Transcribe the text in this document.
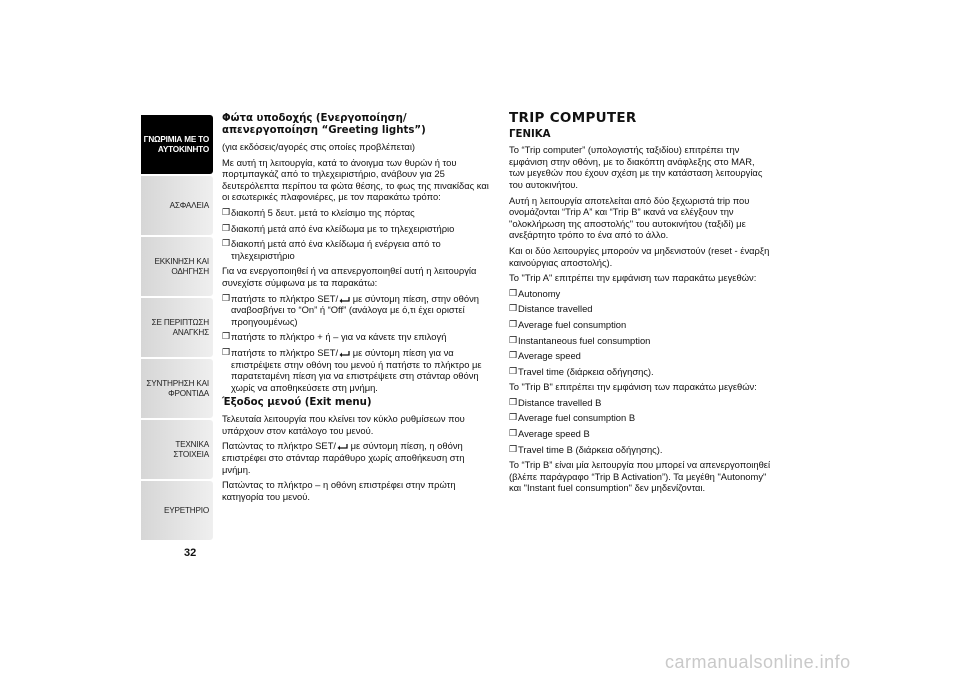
ΓΝΩΡΙΜΙΑ ΜΕ ΤΟ
ΑΥΤΟΚΙΝΗΤΟ
ΑΣΦΑΛΕΙΑ
ΕΚΚΙΝΗΣΗ ΚΑΙ
ΟΔΗΓΗΣΗ
ΣΕ ΠΕΡΙΠΤΩΣΗ
ΑΝΑΓΚΗΣ
ΣΥΝΤΗΡΗΣΗ ΚΑΙ
ΦΡΟΝΤΙΔΑ
ΤΕΧΝΙΚΑ ΣΤΟΙΧΕΙΑ
ΕΥΡΕΤΗΡΙΟ
32

Φώτα υποδοχής (Ενεργοποίηση/ απενεργοποίηση “Greeting lights”)

(για εκδόσεις/αγορές στις οποίες προβλέπεται)

Με αυτή τη λειτουργία, κατά το άνοιγμα των θυρών ή του πορτμπαγκάζ από το τηλεχειριστήριο, ανάβουν για 25 δευτερόλεπτα περίπου τα φώτα θέσης, το φως της πινακίδας και οι εσωτερικές πλαφονιέρες, με τον παρακάτω τρόπο:

❒ διακοπή 5 δευτ. μετά το κλείσιμο της πόρτας
❒ διακοπή μετά από ένα κλείδωμα με το τηλεχειριστήριο
❒ διακοπή μετά από ένα κλείδωμα ή ενέργεια από το τηλεχειριστήριο

Για να ενεργοποιηθεί ή να απενεργοποιηθεί αυτή η λειτουργία συνεχίστε σύμφωνα με τα παρακάτω:

❒ πατήστε το πλήκτρο SET/ με σύντομη πίεση, στην οθόνη αναβοσβήνει το “On” ή “Off” (ανάλογα με ό,τι έχει οριστεί προηγουμένως)
❒ πατήστε το πλήκτρο + ή – για να κάνετε την επιλογή
❒ πατήστε το πλήκτρο SET/ με σύντομη πίεση για να επιστρέψετε στην οθόνη του μενού ή πατήστε το πλήκτρο με παρατεταμένη πίεση για να επιστρέψετε στη στάνταρ οθόνη χωρίς να αποθηκεύσετε στη μνήμη.

Έξοδος μενού (Exit menu)

Τελευταία λειτουργία που κλείνει τον κύκλο ρυθμίσεων που υπάρχουν στον κατάλογο του μενού.

Πατώντας το πλήκτρο SET/ με σύντομη πίεση, η οθόνη επιστρέφει στο στάνταρ παράθυρο χωρίς αποθήκευση στη μνήμη.

Πατώντας το πλήκτρο – η οθόνη επιστρέφει στην πρώτη κατηγορία του μενού.

TRIP COMPUTER

ΓΕΝΙΚΑ

Το “Trip computer” (υπολογιστής ταξιδίου) επιτρέπει την εμφάνιση στην οθόνη, με το διακόπτη ανάφλεξης στο MAR, των μεγεθών που έχουν σχέση με την κατάσταση λειτουργίας του αυτοκινήτου.

Αυτή η λειτουργία αποτελείται από δύο ξεχωριστά trip που ονομάζονται “Trip A” και “Trip B” ικανά να ελέγξουν την "ολοκλήρωση της αποστολής" του αυτοκινήτου (ταξιδί) με ανεξάρτητο τρόπο το ένα από το άλλο.

Και οι δύο λειτουργίες μπορούν να μηδενιστούν (reset - έναρξη καινούργιας αποστολής).

Το "Trip A" επιτρέπει την εμφάνιση των παρακάτω μεγεθών:

❒ Autonomy
❒ Distance travelled
❒ Average fuel consumption
❒ Instantaneous fuel consumption
❒ Average speed
❒ Travel time (διάρκεια οδήγησης).

Το "Trip B" επιτρέπει την εμφάνιση των παρακάτω μεγεθών:

❒ Distance travelled B
❒ Average fuel consumption B
❒ Average speed B
❒ Travel time B (διάρκεια οδήγησης).

Το “Trip B” είναι μία λειτουργία που μπορεί να απενεργοποιηθεί (βλέπε παράγραφο “Trip B Activation”). Τα μεγέθη "Autonomy" και "Instant fuel consumption" δεν μηδενίζονται.

carmanualsonline.info
